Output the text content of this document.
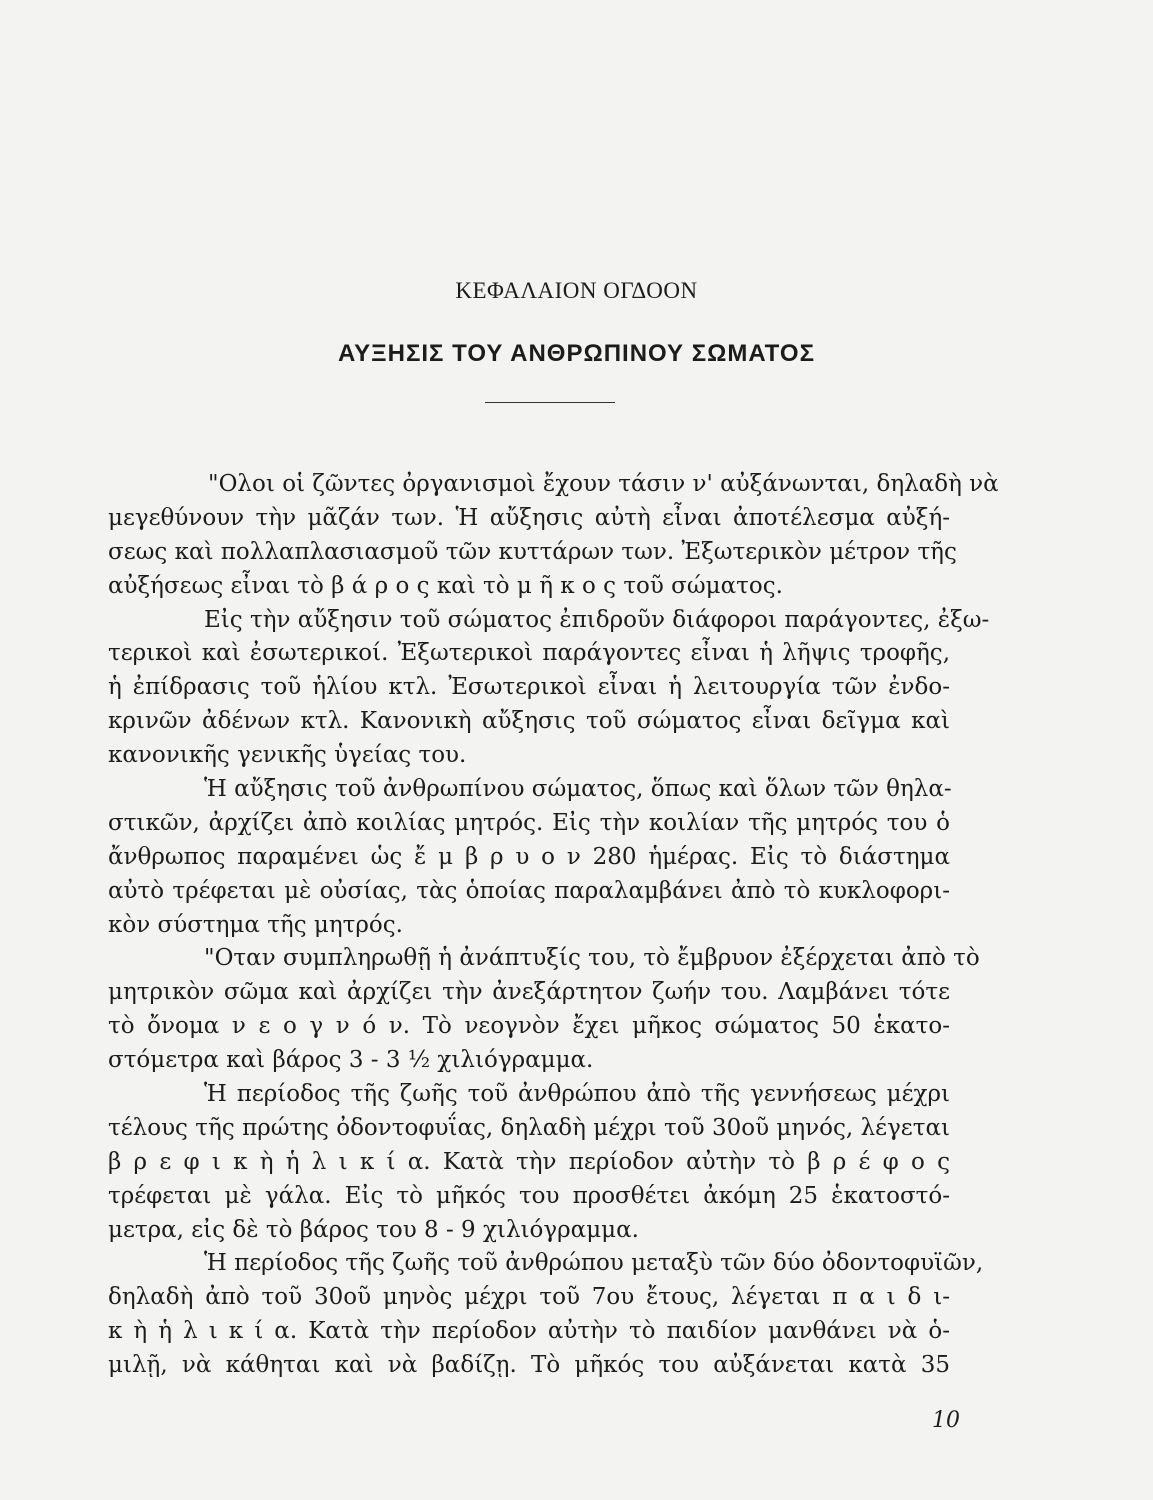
ΚΕΦΑΛΑΙΟΝ ΟΓΔΟΟΝ
ΑΥΞΗΣΙΣ ΤΟΥ ΑΝΘΡΩΠΙΝΟΥ ΣΩΜΑΤΟΣ
"Ολοι οἱ ζῶντες ὀργανισμοὶ ἔχουν τάσιν ν' αὐξάνωνται, δηλαδὴ νὰ
μεγεθύνουν τὴν μᾶζάν των. Ἡ αὔξησις αὐτὴ εἶναι ἀποτέλεσμα αὐξή-
σεως καὶ πολλαπλασιασμοῦ τῶν κυττάρων των. Ἐξωτερικὸν μέτρον τῆς
αὐξήσεως εἶναι τὸ β ά ρ ο ς καὶ τὸ μ ῆ κ ο ς τοῦ σώματος.
Εἰς τὴν αὔξησιν τοῦ σώματος ἐπιδροῦν διάφοροι παράγοντες, ἐξω-
τερικοὶ καὶ ἐσωτερικοί. Ἐξωτερικοὶ παράγοντες εἶναι ἡ λῆψις τροφῆς,
ἡ ἐπίδρασις τοῦ ἡλίου κτλ. Ἐσωτερικοὶ εἶναι ἡ λειτουργία τῶν ἐνδο-
κρινῶν ἀδένων κτλ. Κανονικὴ αὔξησις τοῦ σώματος εἶναι δεῖγμα καὶ
κανονικῆς γενικῆς ὑγείας του.
Ἡ αὔξησις τοῦ ἀνθρωπίνου σώματος, ὅπως καὶ ὅλων τῶν θηλα-
στικῶν, ἀρχίζει ἀπὸ κοιλίας μητρός. Εἰς τὴν κοιλίαν τῆς μητρός του ὁ
ἄνθρωπος παραμένει ὡς ἔ μ β ρ υ ο ν 280 ἡμέρας. Εἰς τὸ διάστημα
αὐτὸ τρέφεται μὲ οὐσίας, τὰς ὁποίας παραλαμβάνει ἀπὸ τὸ κυκλοφορι-
κὸν σύστημα τῆς μητρός.
"Οταν συμπληρωθῇ ἡ ἀνάπτυξίς του, τὸ ἔμβρυον ἐξέρχεται ἀπὸ τὸ
μητρικὸν σῶμα καὶ ἀρχίζει τὴν ἀνεξάρτητον ζωήν του. Λαμβάνει τότε
τὸ ὄνομα ν ε ο γ ν ό ν. Τὸ νεογνὸν ἔχει μῆκος σώματος 50 ἑκατο-
στόμετρα καὶ βάρος 3 - 3 ½ χιλιόγραμμα.
Ἡ περίοδος τῆς ζωῆς τοῦ ἀνθρώπου ἀπὸ τῆς γεννήσεως μέχρι
τέλους τῆς πρώτης ὀδοντοφυΐας, δηλαδὴ μέχρι τοῦ 30οῦ μηνός, λέγεται
β ρ ε φ ι κ ὴ ἡ λ ι κ ί α. Κατὰ τὴν περίοδον αὐτὴν τὸ β ρ έ φ ο ς
τρέφεται μὲ γάλα. Εἰς τὸ μῆκός του προσθέτει ἀκόμη 25 ἑκατοστό-
μετρα, εἰς δὲ τὸ βάρος του 8 - 9 χιλιόγραμμα.
Ἡ περίοδος τῆς ζωῆς τοῦ ἀνθρώπου μεταξὺ τῶν δύο ὀδοντοφυϊῶν,
δηλαδὴ ἀπὸ τοῦ 30οῦ μηνὸς μέχρι τοῦ 7ου ἔτους, λέγεται π α ι δ ι-
κ ὴ ἡ λ ι κ ί α. Κατὰ τὴν περίοδον αὐτὴν τὸ παιδίον μανθάνει νὰ ὁ-
μιλῇ, νὰ κάθηται καὶ νὰ βαδίζῃ. Τὸ μῆκός του αὐξάνεται κατὰ 35
10
